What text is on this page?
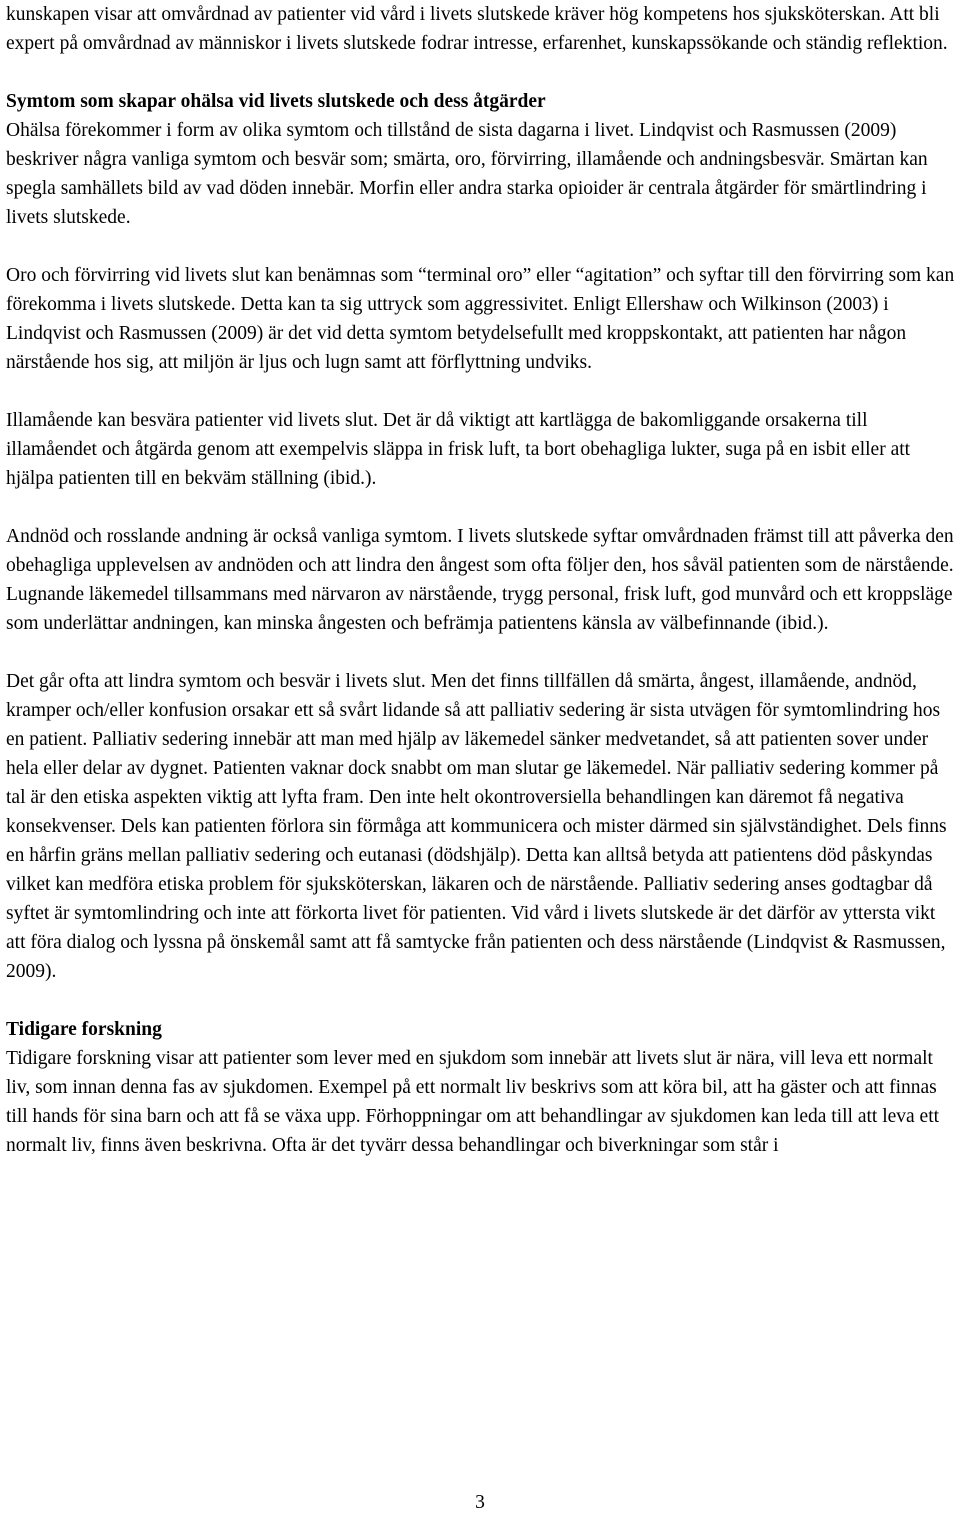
kunskapen visar att omvårdnad av patienter vid vård i livets slutskede kräver hög kompetens hos sjuksköterskan. Att bli expert på omvårdnad av människor i livets slutskede fodrar intresse, erfarenhet, kunskapssökande och ständig reflektion.

Symtom som skapar ohälsa vid livets slutskede och dess åtgärder

Ohälsa förekommer i form av olika symtom och tillstånd de sista dagarna i livet. Lindqvist och Rasmussen (2009) beskriver några vanliga symtom och besvär som; smärta, oro, förvirring, illamående och andningsbesvär. Smärtan kan spegla samhällets bild av vad döden innebär. Morfin eller andra starka opioider är centrala åtgärder för smärtlindring i livets slutskede.

Oro och förvirring vid livets slut kan benämnas som “terminal oro” eller “agitation” och syftar till den förvirring som kan förekomma i livets slutskede. Detta kan ta sig uttryck som aggressivitet. Enligt Ellershaw och Wilkinson (2003) i Lindqvist och Rasmussen (2009) är det vid detta symtom betydelsefullt med kroppskontakt, att patienten har någon närstående hos sig, att miljön är ljus och lugn samt att förflyttning undviks.

Illamående kan besvära patienter vid livets slut. Det är då viktigt att kartlägga de bakomliggande orsakerna till illamåendet och åtgärda genom att exempelvis släppa in frisk luft, ta bort obehagliga lukter, suga på en isbit eller att hjälpa patienten till en bekväm ställning (ibid.).

Andnöd och rosslande andning är också vanliga symtom. I livets slutskede syftar omvårdnaden främst till att påverka den obehagliga upplevelsen av andnöden och att lindra den ångest som ofta följer den, hos såväl patienten som de närstående. Lugnande läkemedel tillsammans med närvaron av närstående, trygg personal, frisk luft, god munvård och ett kroppsläge som underlättar andningen, kan minska ångesten och befrämja patientens känsla av välbefinnande (ibid.).

Det går ofta att lindra symtom och besvär i livets slut. Men det finns tillfällen då smärta, ångest, illamående, andnöd, kramper och/eller konfusion orsakar ett så svårt lidande så att palliativ sedering är sista utvägen för symtomlindring hos en patient. Palliativ sedering innebär att man med hjälp av läkemedel sänker medvetandet, så att patienten sover under hela eller delar av dygnet. Patienten vaknar dock snabbt om man slutar ge läkemedel. När palliativ sedering kommer på tal är den etiska aspekten viktig att lyfta fram. Den inte helt okontroversiella behandlingen kan däremot få negativa konsekvenser. Dels kan patienten förlora sin förmåga att kommunicera och mister därmed sin självständighet. Dels finns en hårfin gräns mellan palliativ sedering och eutanasi (dödshjälp). Detta kan alltså betyda att patientens död påskyndas vilket kan medföra etiska problem för sjuksköterskan, läkaren och de närstående. Palliativ sedering anses godtagbar då syftet är symtomlindring och inte att förkorta livet för patienten. Vid vård i livets slutskede är det därför av yttersta vikt att föra dialog och lyssna på önskemål samt att få samtycke från patienten och dess närstående (Lindqvist & Rasmussen, 2009).

Tidigare forskning

Tidigare forskning visar att patienter som lever med en sjukdom som innebär att livets slut är nära, vill leva ett normalt liv, som innan denna fas av sjukdomen. Exempel på ett normalt liv beskrivs som att köra bil, att ha gäster och att finnas till hands för sina barn och att få se växa upp. Förhoppningar om att behandlingar av sjukdomen kan leda till att leva ett normalt liv, finns även beskrivna. Ofta är det tyvärr dessa behandlingar och biverkningar som står i

3
